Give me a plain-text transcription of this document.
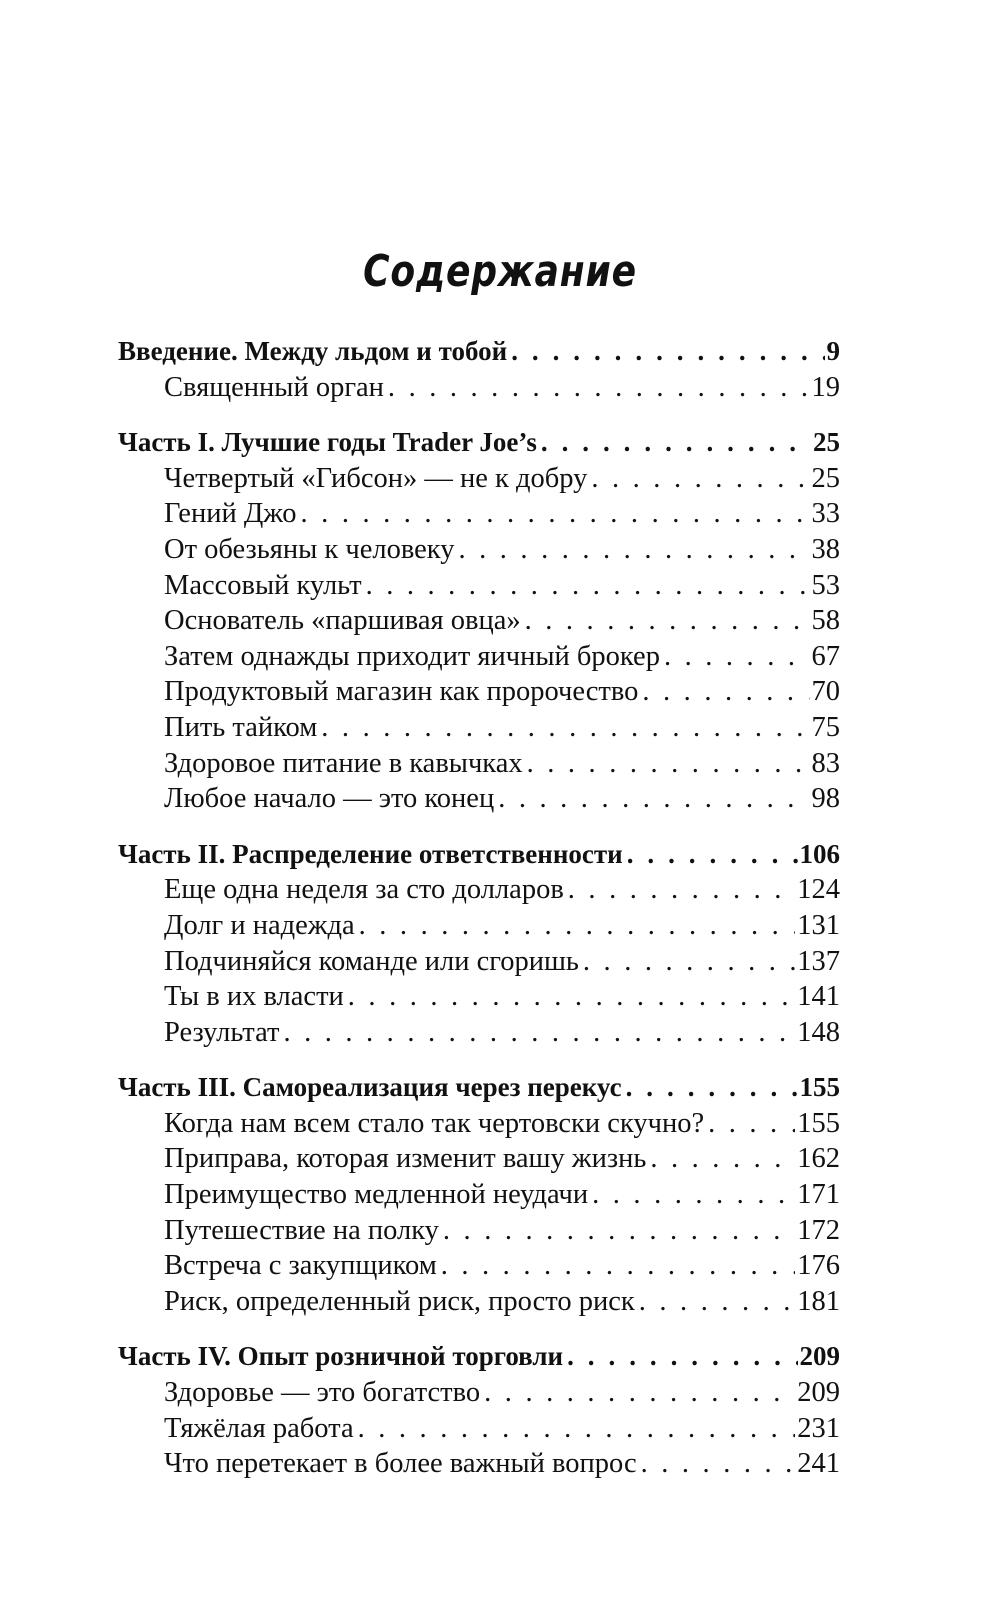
Содержание
Введение. Между льдом и тобой . . .	9
Священный орган . . .	19
Часть I. Лучшие годы Trader Joe’s . . .	25
Четвертый «Гибсон» — не к добру . . .	25
Гений Джо . . .	33
От обезьяны к человеку . . .	38
Массовый культ . . .	53
Основатель «паршивая овца» . . .	58
Затем однажды приходит яичный брокер . . .	67
Продуктовый магазин как пророчество . . .	70
Пить тайком . . .	75
Здоровое питание в кавычках . . .	83
Любое начало — это конец . . .	98
Часть II. Распределение ответственности . . .	106
Еще одна неделя за сто долларов . . .	124
Долг и надежда . . .	131
Подчиняйся команде или сгоришь . . .	137
Ты в их власти . . .	141
Результат . . .	148
Часть III. Самореализация через перекус . . .	155
Когда нам всем стало так чертовски скучно? . . .	155
Приправа, которая изменит вашу жизнь . . .	162
Преимущество медленной неудачи . . .	171
Путешествие на полку . . .	172
Встреча с закупщиком . . .	176
Риск, определенный риск, просто риск . . .	181
Часть IV. Опыт розничной торговли . . .	209
Здоровье — это богатство . . .	209
Тяжёлая работа . . .	231
Что перетекает в более важный вопрос . . .	241
